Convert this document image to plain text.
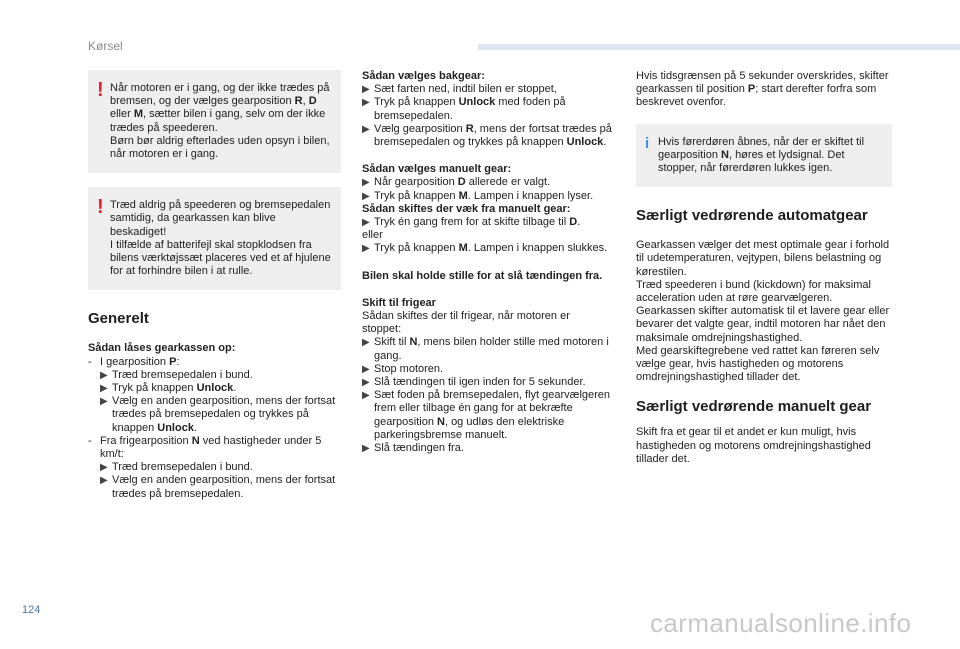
Kørsel
! Når motoren er i gang, og der ikke trædes på bremsen, og der vælges gearposition R, D eller M, sætter bilen i gang, selv om der ikke trædes på speederen.

Børn bør aldrig efterlades uden opsyn i bilen, når motoren er i gang.

! Træd aldrig på speederen og bremsepedalen samtidig, da gearkassen kan blive beskadiget!

I tilfælde af batterifejl skal stopklodsen fra bilens værktøjssæt placeres ved et af hjulene for at forhindre bilen i at rulle.

Generelt

Sådan låses gearkassen op:

- I gearposition P:
▶ Træd bremsepedalen i bund.
▶ Tryk på knappen Unlock.
▶ Vælg en anden gearposition, mens der fortsat trædes på bremsepedalen og trykkes på knappen Unlock.
- Fra frigearposition N ved hastigheder under 5 km/t:
▶ Træd bremsepedalen i bund.
▶ Vælg en anden gearposition, mens der fortsat trædes på bremsepedalen.

Sådan vælges bakgear:

▶ Sæt farten ned, indtil bilen er stoppet,
▶ Tryk på knappen Unlock med foden på bremsepedalen.
▶ Vælg gearposition R, mens der fortsat trædes på bremsepedalen og trykkes på knappen Unlock.

Sådan vælges manuelt gear:

▶ Når gearposition D allerede er valgt.
▶ Tryk på knappen M. Lampen i knappen lyser.

Sådan skiftes der væk fra manuelt gear:

▶ Tryk én gang frem for at skifte tilbage til D.

eller

▶ Tryk på knappen M. Lampen i knappen slukkes.

Bilen skal holde stille for at slå tændingen fra.

Skift til frigear

Sådan skiftes der til frigear, når motoren er stoppet:

▶ Skift til N, mens bilen holder stille med motoren i gang.
▶ Stop motoren.
▶ Slå tændingen til igen inden for 5 sekunder.
▶ Sæt foden på bremsepedalen, flyt gearvælgeren frem eller tilbage én gang for at bekræfte gearposition N, og udløs den elektriske parkeringsbremse manuelt.
▶ Slå tændingen fra.

Hvis tidsgrænsen på 5 sekunder overskrides, skifter gearkassen til position P; start derefter forfra som beskrevet ovenfor.

i Hvis førerdøren åbnes, når der er skiftet til gearposition N, høres et lydsignal. Det stopper, når førerdøren lukkes igen.

Særligt vedrørende automatgear

Gearkassen vælger det mest optimale gear i forhold til udetemperaturen, vejtypen, bilens belastning og kørestilen.

Træd speederen i bund (kickdown) for maksimal acceleration uden at røre gearvælgeren. Gearkassen skifter automatisk til et lavere gear eller bevarer det valgte gear, indtil motoren har nået den maksimale omdrejningshastighed.

Med gearskiftegrebene ved rattet kan føreren selv vælge gear, hvis hastigheden og motorens omdrejningshastighed tillader det.

Særligt vedrørende manuelt gear

Skift fra et gear til et andet er kun muligt, hvis hastigheden og motorens omdrejningshastighed tillader det.

124	carmanualsonline.info
